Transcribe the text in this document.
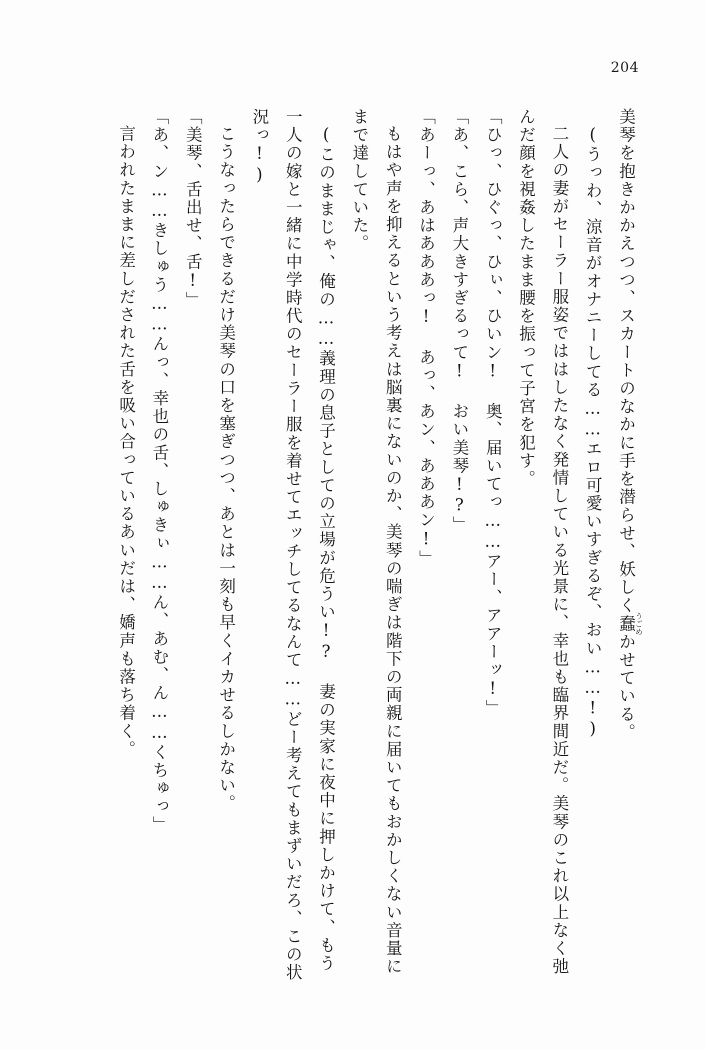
204

美琴を抱きかかえつつ、スカートのなかに手を潜らせ、妖しく蠢 うごめかせている。

(うっわ、涼音がオナニーしてる……エロ可愛いすぎるぞ、おい……!)

二人の妻がセーラー服姿でははしたなく発情している光景に、幸也も臨界間近だ。美琴のこれ以上なく弛んだ顔を視姦したまま腰を振って子宮を犯す。

「ひっ、ひぐっ、ひぃ、ひいン! 奥、届いてっ……アー、アアーッ!」

「あ、こら、声大きすぎるって! おい美琴!?」

「あーっ、あはあああっ! あっ、あン、あああン!」

もはや声を抑えるという考えは脳裏にないのか、美琴の喘ぎは階下の両親に届いてもおかしくない音量にまで達していた。

(このままじゃ、俺の……義理の息子としての立場が危うい!? 妻の実家に夜中に押しかけて、もう一人の嫁と一緒に中学時代のセーラー服を着せてエッチしてるなんて……どー考えてもまずいだろ、この状況っ!)

こうなったらできるだけ美琴の口を塞ぎつつ、あとは一刻も早くイカせるしかない。

「美琴、舌出せ、舌!」

「あ、ン……きしゅう……んっ、幸也の舌、しゅきぃ……ん、あむ、ん……くちゅっ」

言われたままに差しだされた舌を吸い合っているあいだは、嬌声も落ち着く。
